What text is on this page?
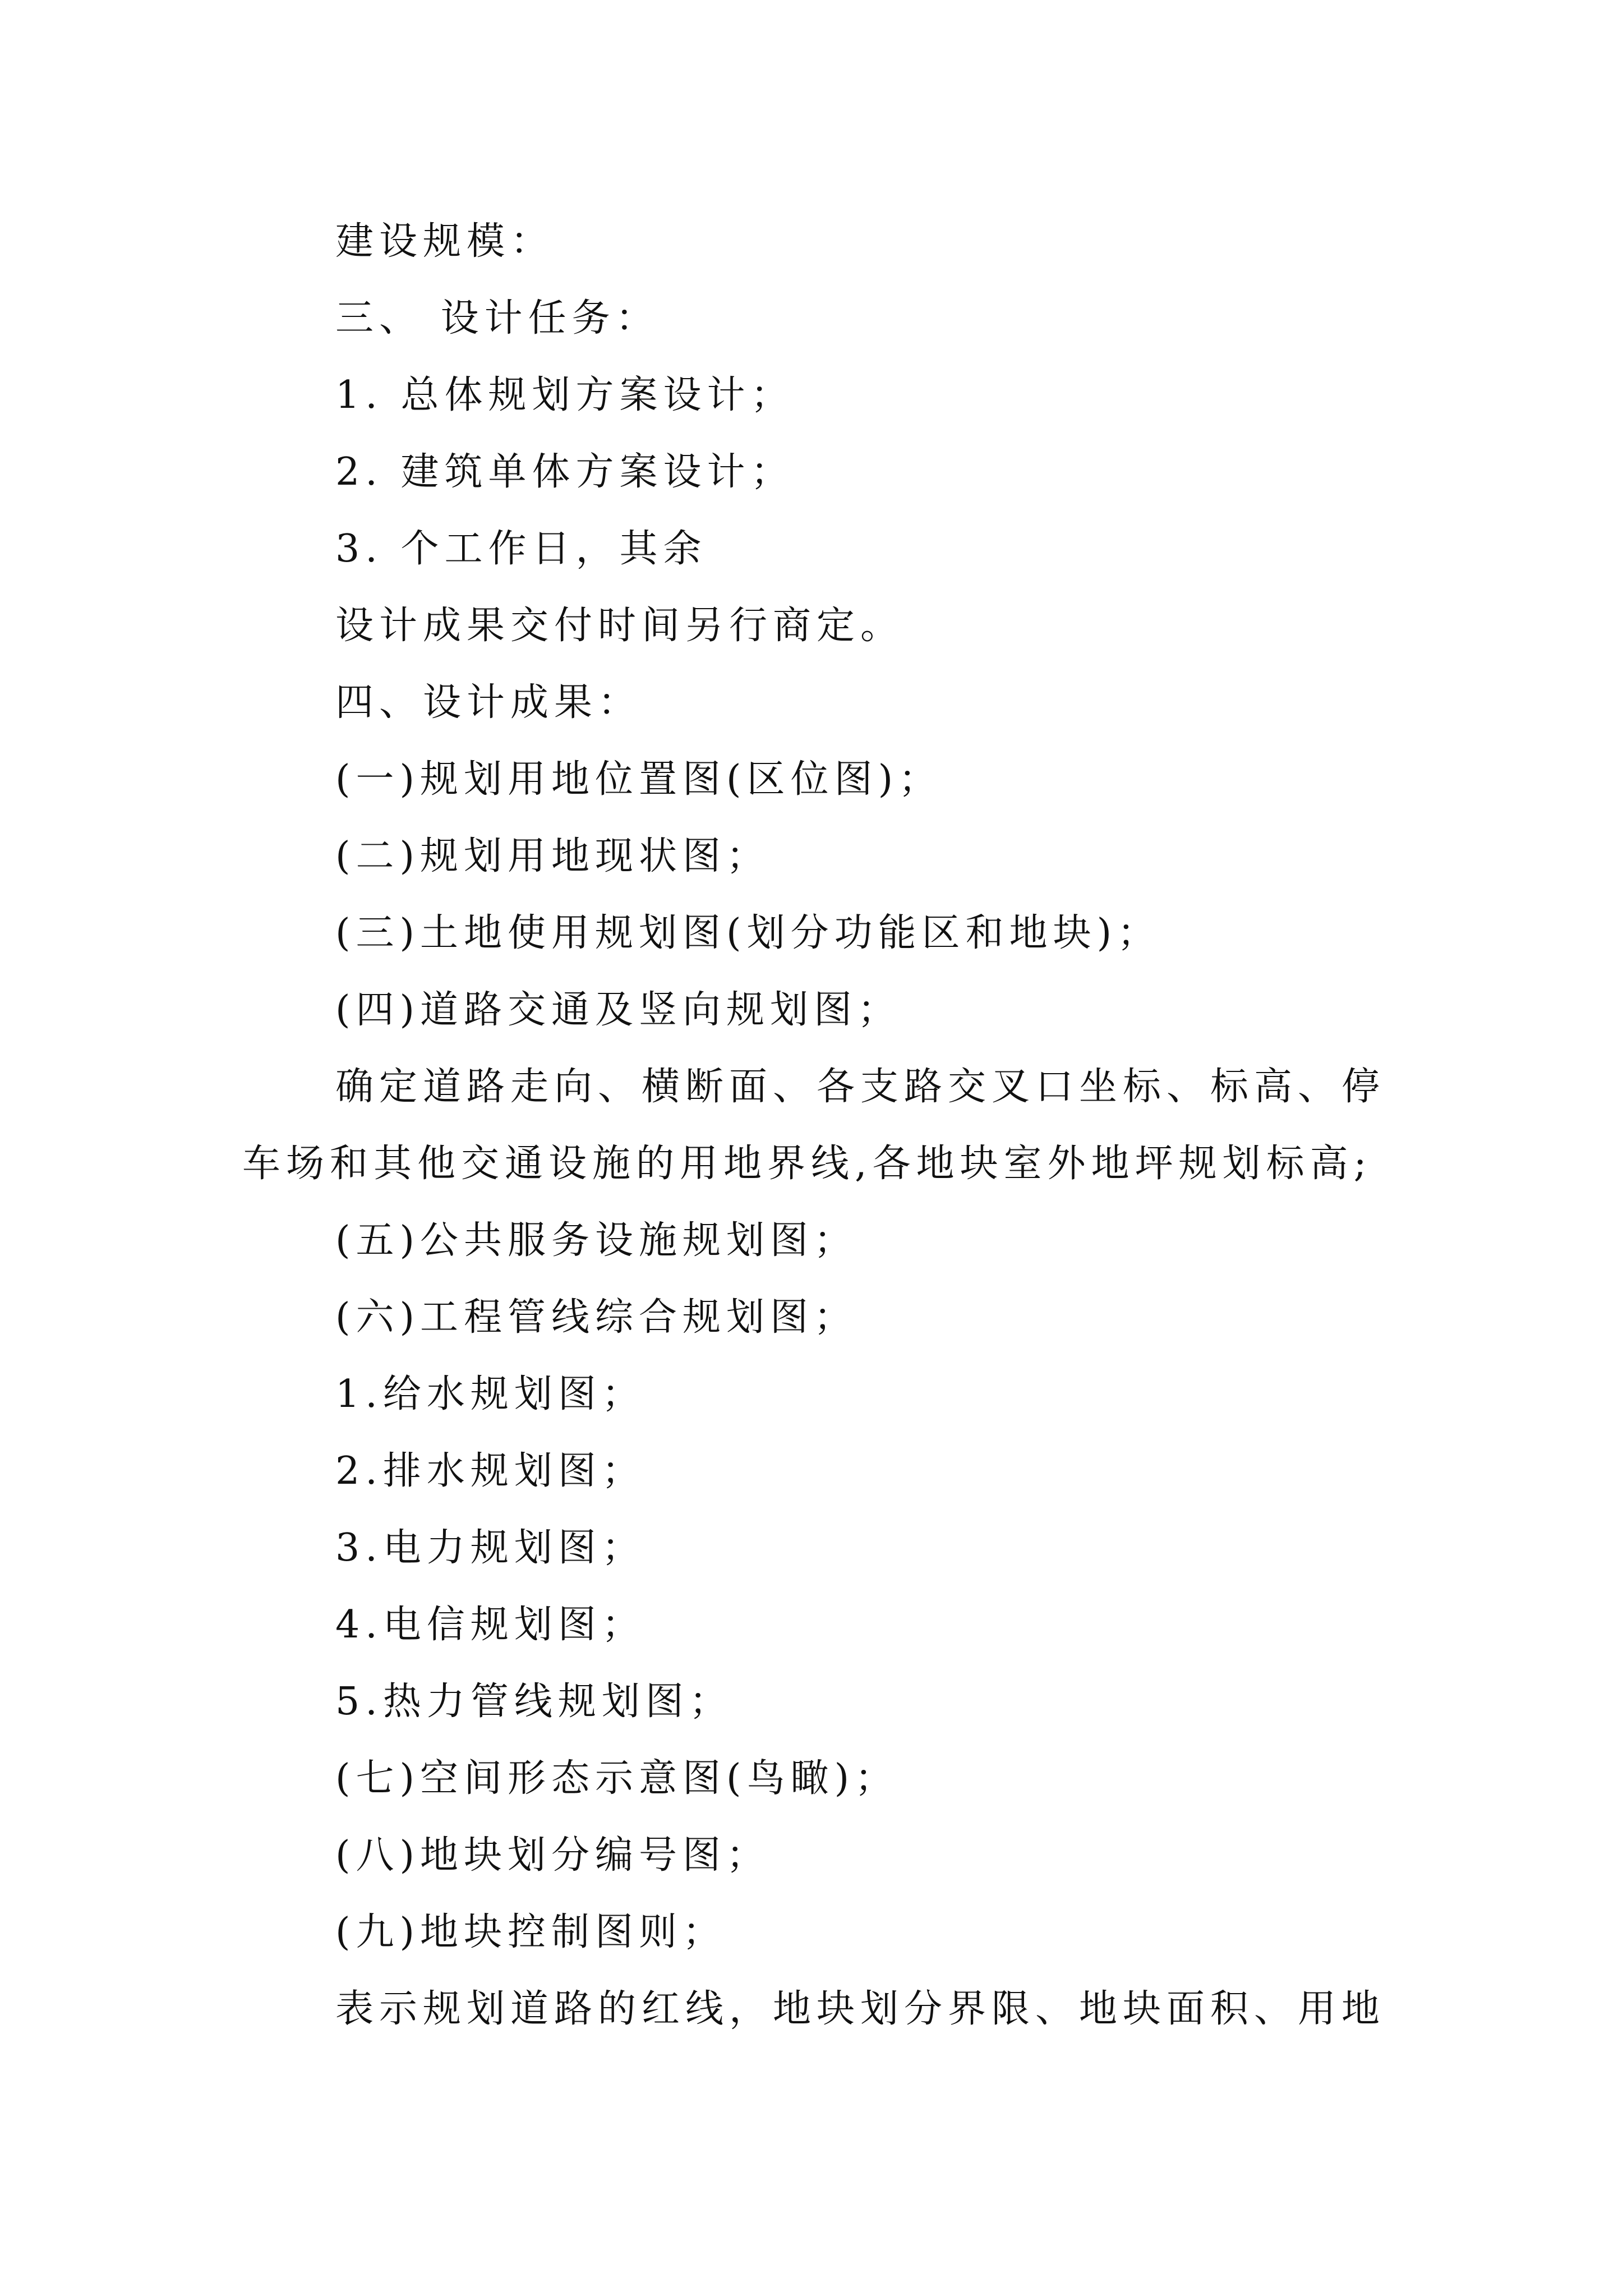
建设规模：
三、 设计任务：
1. 总体规划方案设计；
2. 建筑单体方案设计；
3. 个工作日，其余
设计成果交付时间另行商定。
四、设计成果：
(一)规划用地位置图(区位图)；
(二)规划用地现状图；
(三)土地使用规划图(划分功能区和地块)；
(四)道路交通及竖向规划图；
确定道路走向、横断面、各支路交叉口坐标、标高、停
车场和其他交通设施的用地界线,各地块室外地坪规划标高;
(五)公共服务设施规划图；
(六)工程管线综合规划图；
1.给水规划图；
2.排水规划图；
3.电力规划图；
4.电信规划图；
5.热力管线规划图；
(七)空间形态示意图(鸟瞰)；
(八)地块划分编号图；
(九)地块控制图则；
表示规划道路的红线，地块划分界限、地块面积、用地
